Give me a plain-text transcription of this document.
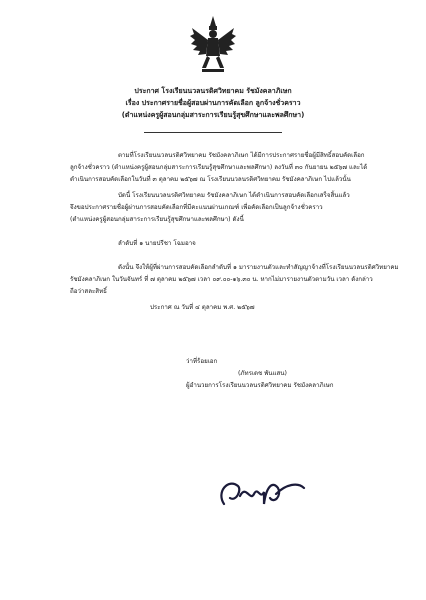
ประกาศ โรงเรียนนวลนรดิศวิทยาคม รัชมังคลาภิเษก
เรื่อง ประกาศรายชื่อผู้สอบผ่านการคัดเลือก ลูกจ้างชั่วคราว
(ตำแหน่งครูผู้สอนกลุ่มสาระการเรียนรู้สุขศึกษาและพลศึกษา)
ตามที่โรงเรียนนวลนรดิศวิทยาคม รัชมังคลาภิเษก ได้มีการประกาศรายชื่อผู้มีสิทธิ์สอบคัดเลือก
ลูกจ้างชั่วคราว (ตำแหน่งครูผู้สอนกลุ่มสาระการเรียนรู้สุขศึกษาและพลศึกษา) ลงวันที่ ๓๐ กันยายน ๒๕๖๗ และได้
ดำเนินการสอบคัดเลือกในวันที่ ๓ ตุลาคม ๒๕๖๗ ณ โรงเรียนนวลนรดิศวิทยาคม รัชมังคลาภิเษก ไปแล้วนั้น
บัดนี้ โรงเรียนนวลนรดิศวิทยาคม รัชมังคลาภิเษก ได้ดำเนินการสอบคัดเลือกเสร็จสิ้นแล้ว
จึงขอประกาศรายชื่อผู้ผ่านการสอบคัดเลือกที่มีคะแนนผ่านเกณฑ์ เพื่อคัดเลือกเป็นลูกจ้างชั่วคราว
(ตำแหน่งครูผู้สอนกลุ่มสาระการเรียนรู้สุขศึกษาและพลศึกษา) ดังนี้
ลำดับที่ ๑ นายปรีชา โฉมอาจ
ดังนั้น จึงให้ผู้ที่ผ่านการสอบคัดเลือกลำดับที่ ๑ มารายงานตัวและทำสัญญาจ้างที่โรงเรียนนวลนรดิศวิทยาคม
รัชมังคลาภิเษก ในวันจันทร์ ที่ ๗ ตุลาคม ๒๕๖๗ เวลา ๐๙.๐๐-๑๖.๓๐ น. หากไม่มารายงานตัวตามวัน เวลา ดังกล่าว
ถือว่าสละสิทธิ์
ประกาศ ณ วันที่ ๔ ตุลาคม พ.ศ. ๒๕๖๗
ว่าที่ร้อยเอก
(ภัทรเดช พันแสน)
ผู้อำนวยการโรงเรียนนวลนรดิศวิทยาคม รัชมังคลาภิเษก
